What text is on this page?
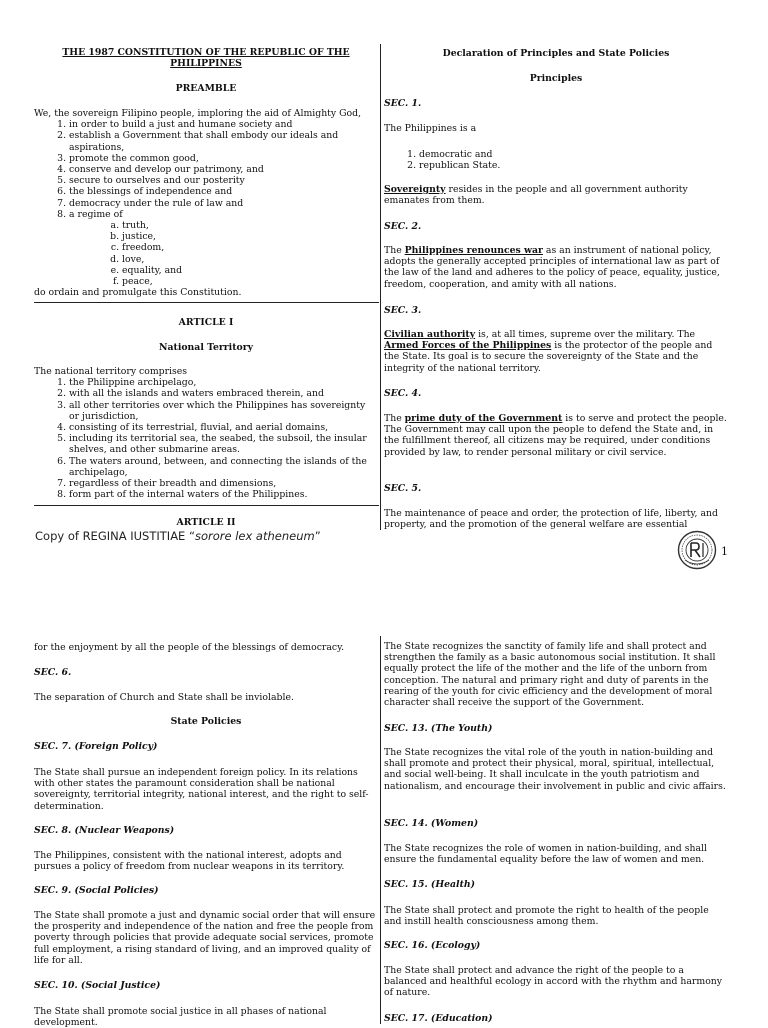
THE 1987 CONSTITUTION OF THE REPUBLIC OF THE PHILIPPINES
PREAMBLE
We, the sovereign Filipino people, imploring the aid of Almighty God,
1. in order to build a just and humane society and
2. establish a Government that shall embody our ideals and aspirations,
3. promote the common good,
4. conserve and develop our patrimony, and
5. secure to ourselves and our posterity
6. the blessings of independence and
7. democracy under the rule of law and
8. a regime of
a. truth,
b. justice,
c. freedom,
d. love,
e. equality, and
f. peace,
do ordain and promulgate this Constitution.
ARTICLE I
National Territory
The national territory comprises
1. the Philippine archipelago,
2. with all the islands and waters embraced therein, and
3. all other territories over which the Philippines has sovereignty or jurisdiction,
4. consisting of its terrestrial, fluvial, and aerial domains,
5. including its territorial sea, the seabed, the subsoil, the insular shelves, and other submarine areas.
6. The waters around, between, and connecting the islands of the archipelago,
7. regardless of their breadth and dimensions,
8. form part of the internal waters of the Philippines.
ARTICLE II
Declaration of Principles and State Policies
Principles
SEC. 1.
The Philippines is a
1. democratic and
2. republican State.
Sovereignty resides in the people and all government authority emanates from them.
SEC. 2.
The Philippines renounces war as an instrument of national policy, adopts the generally accepted principles of international law as part of the law of the land and adheres to the policy of peace, equality, justice, freedom, cooperation, and amity with all nations.
SEC. 3.
Civilian authority is, at all times, supreme over the military. The Armed Forces of the Philippines is the protector of the people and the State. Its goal is to secure the sovereignty of the State and the integrity of the national territory.
SEC. 4.
The prime duty of the Government is to serve and protect the people. The Government may call upon the people to defend the State and, in the fulfillment thereof, all citizens may be required, under conditions provided by law, to render personal military or civil service.
SEC. 5.
The maintenance of peace and order, the protection of life, liberty, and property, and the promotion of the general welfare are essential
Copy of REGINA IUSTITIAE “sorore lex atheneum”
1
for the enjoyment by all the people of the blessings of democracy.
SEC. 6.
The separation of Church and State shall be inviolable.
State Policies
SEC. 7. (Foreign Policy)
The State shall pursue an independent foreign policy. In its relations with other states the paramount consideration shall be national sovereignty, territorial integrity, national interest, and the right to self-determination.
SEC. 8. (Nuclear Weapons)
The Philippines, consistent with the national interest, adopts and pursues a policy of freedom from nuclear weapons in its territory.
SEC. 9. (Social Policies)
The State shall promote a just and dynamic social order that will ensure the prosperity and independence of the nation and free the people from poverty through policies that provide adequate social services, promote full employment, a rising standard of living, and an improved quality of life for all.
SEC. 10. (Social Justice)
The State shall promote social justice in all phases of national development.
The State recognizes the sanctity of family life and shall protect and strengthen the family as a basic autonomous social institution. It shall equally protect the life of the mother and the life of the unborn from conception. The natural and primary right and duty of parents in the rearing of the youth for civic efficiency and the development of moral character shall receive the support of the Government.
SEC. 13. (The Youth)
The State recognizes the vital role of the youth in nation-building and shall promote and protect their physical, moral, spiritual, intellectual, and social well-being. It shall inculcate in the youth patriotism and nationalism, and encourage their involvement in public and civic affairs.
SEC. 14. (Women)
The State recognizes the role of women in nation-building, and shall ensure the fundamental equality before the law of women and men.
SEC. 15. (Health)
The State shall protect and promote the right to health of the people and instill health consciousness among them.
SEC. 16. (Ecology)
The State shall protect and advance the right of the people to a balanced and healthful ecology in accord with the rhythm and harmony of nature.
SEC. 17. (Education)
